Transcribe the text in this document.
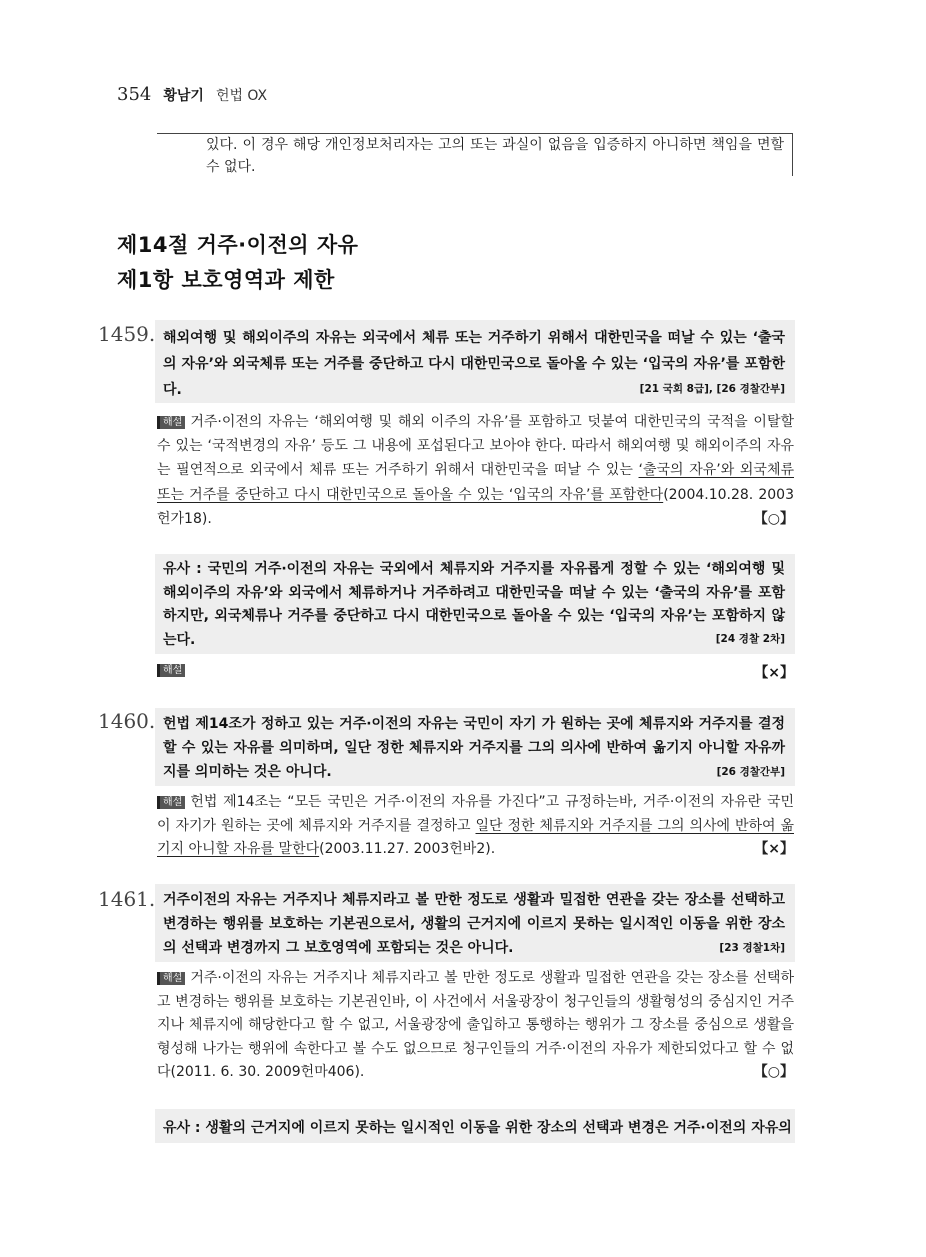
354 황남기 헌법 OX
있다. 이 경우 해당 개인정보처리자는 고의 또는 과실이 없음을 입증하지 아니하면 책임을 면할 수 없다.
제14절 거주·이전의 자유
제1항 보호영역과 제한
1459. 해외여행 및 해외이주의 자유는 외국에서 체류 또는 거주하기 위해서 대한민국을 떠날 수 있는 ‘출국의 자유’와 외국체류 또는 거주를 중단하고 다시 대한민국으로 돌아올 수 있는 ‘입국의 자유’를 포함한다.	[21 국회 8급], [26 경찰간부]
해설 거주·이전의 자유는 ‘해외여행 및 해외 이주의 자유’를 포함하고 덧붙여 대한민국의 국적을 이탈할 수 있는 ‘국적변경의 자유’ 등도 그 내용에 포섭된다고 보아야 한다. 따라서 해외여행 및 해외이주의 자유는 필연적으로 외국에서 체류 또는 거주하기 위해서 대한민국을 떠날 수 있는 ‘출국의 자유’와 외국체류 또는 거주를 중단하고 다시 대한민국으로 돌아올 수 있는 ‘입국의 자유’를 포함한다(2004.10.28. 2003헌가18).	【○】
유사 : 국민의 거주·이전의 자유는 국외에서 체류지와 거주지를 자유롭게 정할 수 있는 ‘해외여행 및 해외이주의 자유’와 외국에서 체류하거나 거주하려고 대한민국을 떠날 수 있는 ‘출국의 자유’를 포함하지만, 외국체류나 거주를 중단하고 다시 대한민국으로 돌아올 수 있는 ‘입국의 자유’는 포함하지 않는다.	[24 경찰 2차]
해설	【×】
1460. 헌법 제14조가 정하고 있는 거주·이전의 자유는 국민이 자기 가 원하는 곳에 체류지와 거주지를 결정할 수 있는 자유를 의미하며, 일단 정한 체류지와 거주지를 그의 의사에 반하여 옮기지 아니할 자유까지를 의미하는 것은 아니다.	[26 경찰간부]
해설 헌법 제14조는 “모든 국민은 거주·이전의 자유를 가진다”고 규정하는바, 거주·이전의 자유란 국민이 자기가 원하는 곳에 체류지와 거주지를 결정하고 일단 정한 체류지와 거주지를 그의 의사에 반하여 옮기지 아니할 자유를 말한다(2003.11.27. 2003헌바2).	【×】
1461. 거주이전의 자유는 거주지나 체류지라고 볼 만한 정도로 생활과 밀접한 연관을 갖는 장소를 선택하고 변경하는 행위를 보호하는 기본권으로서, 생활의 근거지에 이르지 못하는 일시적인 이동을 위한 장소의 선택과 변경까지 그 보호영역에 포함되는 것은 아니다.	[23 경찰1차]
해설 거주·이전의 자유는 거주지나 체류지라고 볼 만한 정도로 생활과 밀접한 연관을 갖는 장소를 선택하고 변경하는 행위를 보호하는 기본권인바, 이 사건에서 서울광장이 청구인들의 생활형성의 중심지인 거주지나 체류지에 해당한다고 할 수 없고, 서울광장에 출입하고 통행하는 행위가 그 장소를 중심으로 생활을 형성해 나가는 행위에 속한다고 볼 수도 없으므로 청구인들의 거주·이전의 자유가 제한되었다고 할 수 없다(2011. 6. 30. 2009헌마406).	【○】
유사 : 생활의 근거지에 이르지 못하는 일시적인 이동을 위한 장소의 선택과 변경은 거주·이전의 자유의
